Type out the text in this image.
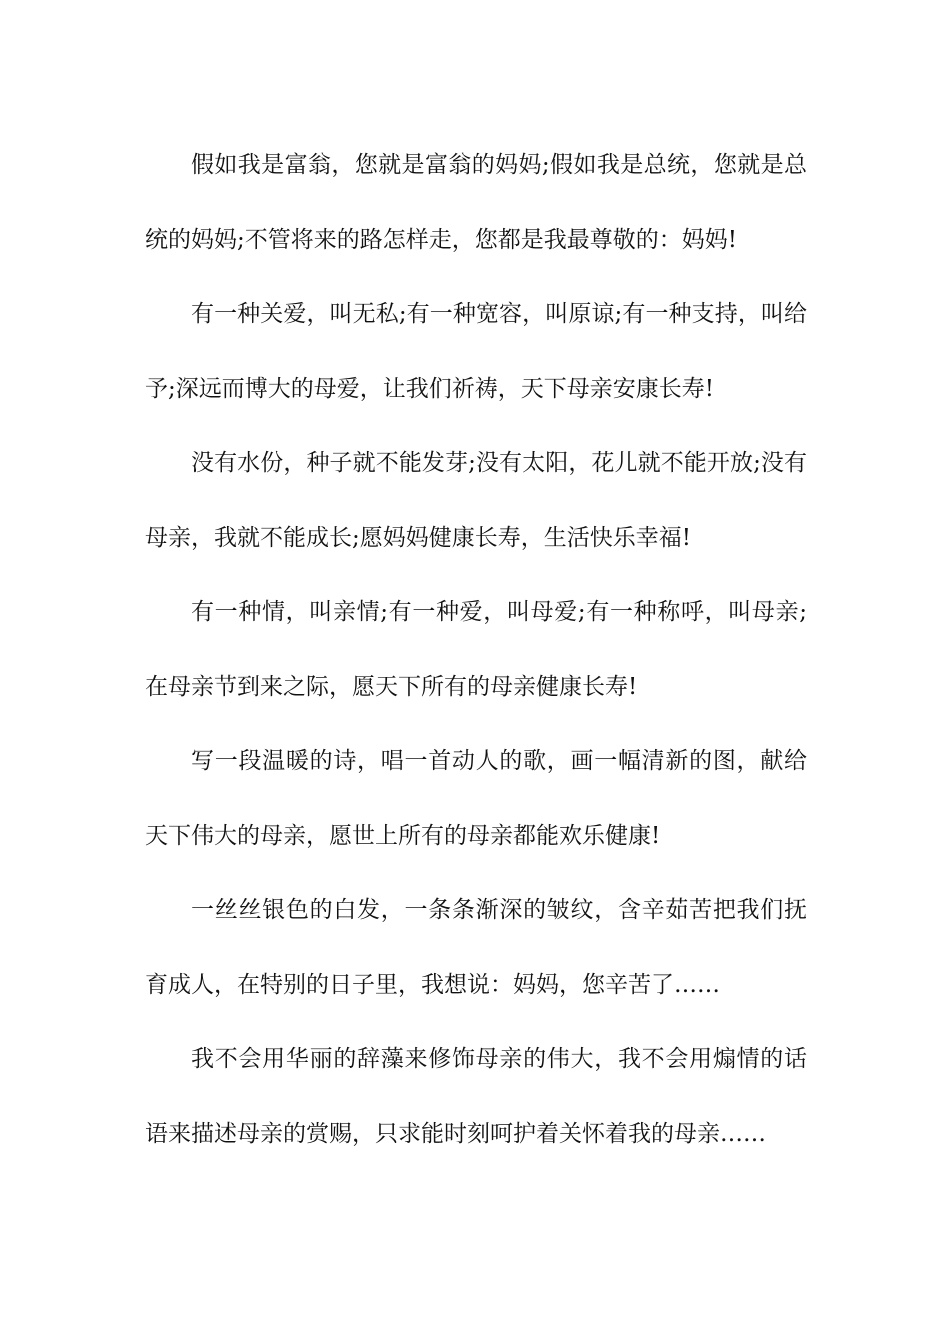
假如我是富翁，您就是富翁的妈妈;假如我是总统，您就是总统的妈妈;不管将来的路怎样走，您都是我最尊敬的：妈妈!

有一种关爱，叫无私;有一种宽容，叫原谅;有一种支持，叫给予;深远而博大的母爱，让我们祈祷，天下母亲安康长寿!

没有水份，种子就不能发芽;没有太阳，花儿就不能开放;没有母亲，我就不能成长;愿妈妈健康长寿，生活快乐幸福!

有一种情，叫亲情;有一种爱，叫母爱;有一种称呼，叫母亲;在母亲节到来之际，愿天下所有的母亲健康长寿!

写一段温暖的诗，唱一首动人的歌，画一幅清新的图，献给天下伟大的母亲，愿世上所有的母亲都能欢乐健康!

一丝丝银色的白发，一条条渐深的皱纹，含辛茹苦把我们抚育成人，在特别的日子里，我想说：妈妈，您辛苦了……

我不会用华丽的辞藻来修饰母亲的伟大，我不会用煽情的话语来描述母亲的赏赐，只求能时刻呵护着关怀着我的母亲……
